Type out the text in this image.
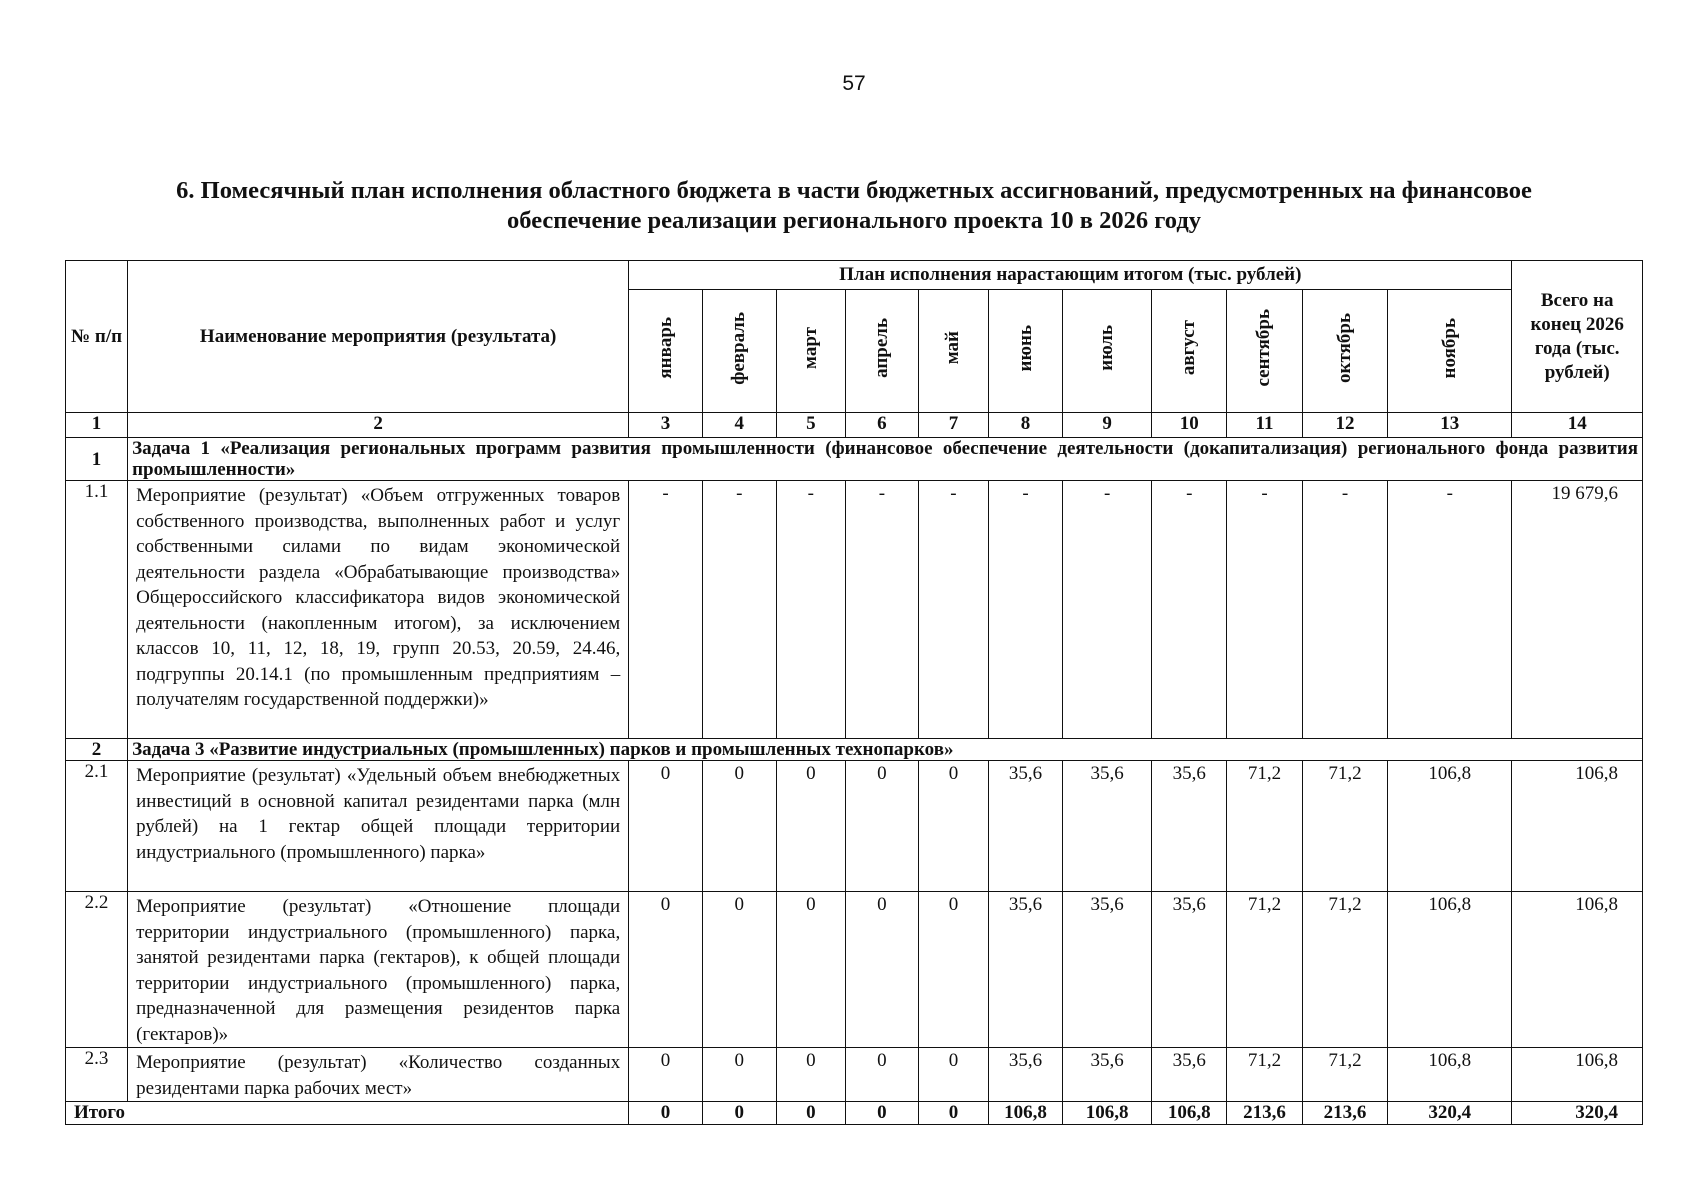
57
6. Помесячный план исполнения областного бюджета в части бюджетных ассигнований, предусмотренных на финансовое
обеспечение реализации регионального проекта 10 в 2026 году
№ п/п	Наименование мероприятия (результата)	План исполнения нарастающим итогом (тыс. рублей)											Всего на конец 2026 года (тыс. рублей)
		январь	февраль	март	апрель	май	июнь	июль	август	сентябрь	октябрь	ноябрь	
1	2	3	4	5	6	7	8	9	10	11	12	13	14
1	Задача 1 «Реализация региональных программ развития промышленности (финансовое обеспечение деятельности (докапитализация) регионального фонда развития промышленности»												
1.1	Мероприятие (результат) «Объем отгруженных товаров собственного производства, выполненных работ и услуг собственными силами по видам экономической деятельности раздела «Обрабатывающие производства» Общероссийского классификатора видов экономической деятельности (накопленным итогом), за исключением классов 10, 11, 12, 18, 19, групп 20.53, 20.59, 24.46, подгруппы 20.14.1 (по промышленным предприятиям – получателям государственной поддержки)»	-	-	-	-	-	-	-	-	-	-	-	19 679,6
2	Задача 3 «Развитие индустриальных (промышленных) парков и промышленных технопарков»												
2.1	Мероприятие (результат) «Удельный объем внебюджетных инвестиций в основной капитал резидентами парка (млн рублей) на 1 гектар общей площади территории индустриального (промышленного) парка»	0	0	0	0	0	35,6	35,6	35,6	71,2	71,2	106,8	106,8
2.2	Мероприятие (результат) «Отношение площади территории индустриального (промышленного) парка, занятой резидентами парка (гектаров), к общей площади территории индустриального (промышленного) парка, предназначенной для размещения резидентов парка (гектаров)»	0	0	0	0	0	35,6	35,6	35,6	71,2	71,2	106,8	106,8
2.3	Мероприятие (результат) «Количество созданных резидентами парка рабочих мест»	0	0	0	0	0	35,6	35,6	35,6	71,2	71,2	106,8	106,8
Итого		0	0	0	0	0	106,8	106,8	106,8	213,6	213,6	320,4	320,4
